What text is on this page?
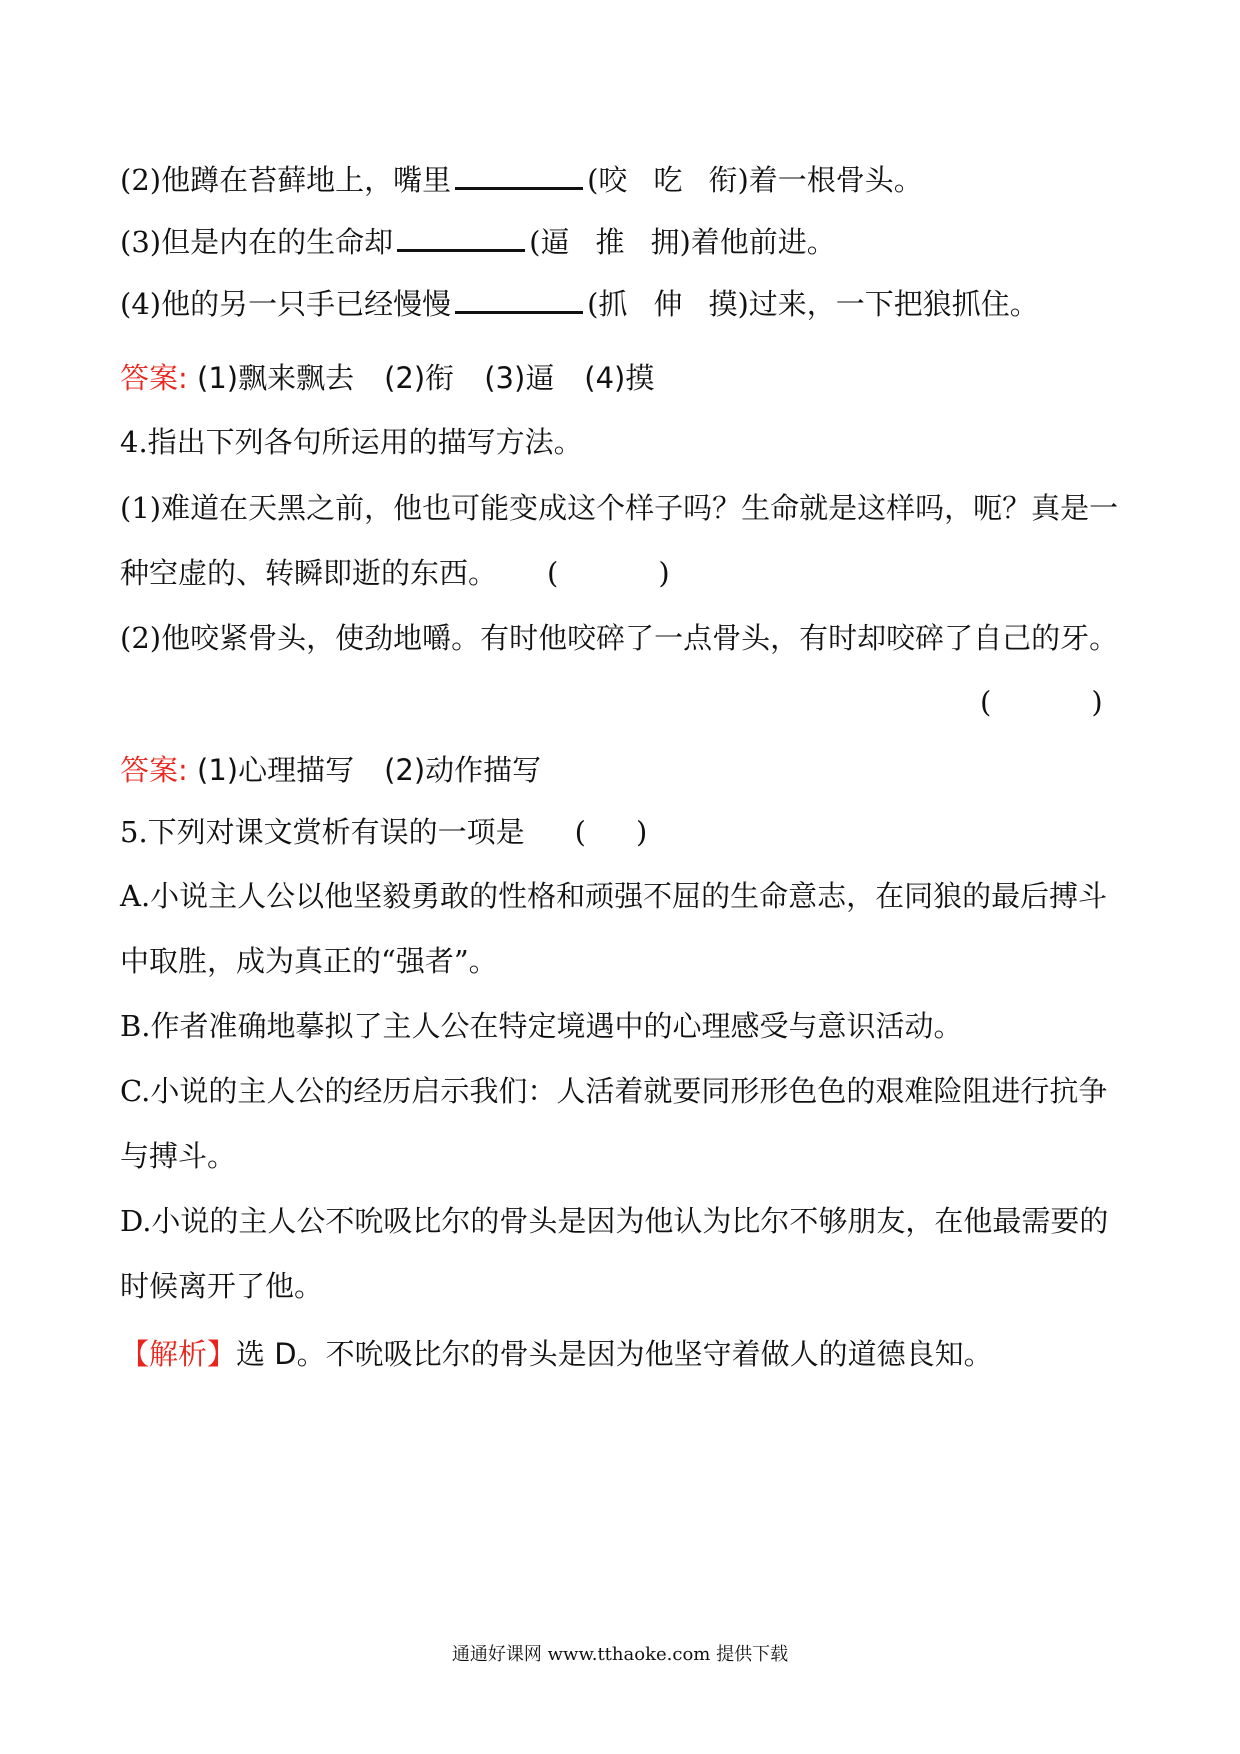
(2)他蹲在苔藓地上，嘴里	(咬 吃 衔)着一根骨头。
(3)但是内在的生命却	(逼 推 拥)着他前进。
(4)他的另一只手已经慢慢	(抓 伸 摸)过来，一下把狼抓住。
答案: (1)飘来飘去 (2)衔 (3)逼 (4)摸
4.指出下列各句所运用的描写方法。
(1)难道在天黑之前，他也可能变成这个样子吗？生命就是这样吗，呃？真是一
种空虚的、转瞬即逝的东西。 (	)
(2)他咬紧骨头，使劲地嚼。有时他咬碎了一点骨头，有时却咬碎了自己的牙。
(	)
答案: (1)心理描写 (2)动作描写
5.下列对课文赏析有误的一项是 ( )
A.小说主人公以他坚毅勇敢的性格和顽强不屈的生命意志，在同狼的最后搏斗
中取胜，成为真正的“强者”。
B.作者准确地摹拟了主人公在特定境遇中的心理感受与意识活动。
C.小说的主人公的经历启示我们：人活着就要同形形色色的艰难险阻进行抗争
与搏斗。
D.小说的主人公不吮吸比尔的骨头是因为他认为比尔不够朋友，在他最需要的
时候离开了他。
【解析】选 D。不吮吸比尔的骨头是因为他坚守着做人的道德良知。
通通好课网 www.tthaoke.com 提供下载
